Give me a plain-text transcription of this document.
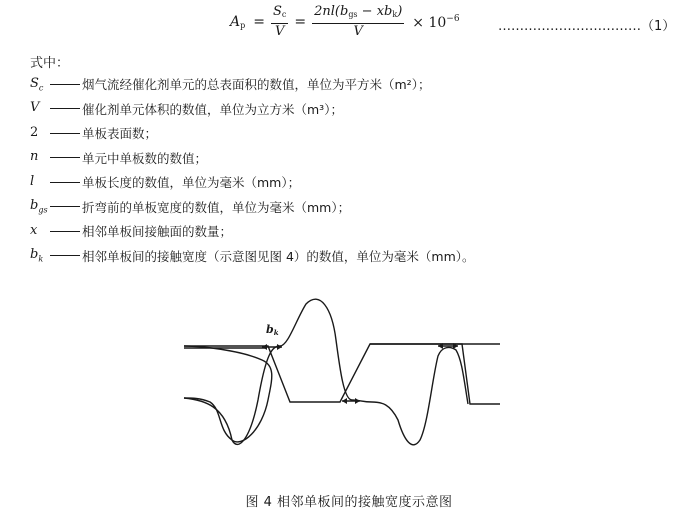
$A_p = \frac{S_c}{V} = \frac{2nl(b_{gs} - xb_k)}{V} \times 10^{-6}$
……………………………（1）
式中：
$S_c$	烟气流经催化剂单元的总表面积的数值，单位为平方米（m²）；
V	催化剂单元体积的数值，单位为立方米（m³）；
2	单板表面数；
n	单元中单板数的数值；
l	单板长度的数值，单位为毫米（mm）；
$b_{gs}$	折弯前的单板宽度的数值，单位为毫米（mm）；
x	相邻单板间接触面的数量；
$b_k$	相邻单板间的接触宽度（示意图见图 4）的数值，单位为毫米（mm）。
bk
图 4 相邻单板间的接触宽度示意图
